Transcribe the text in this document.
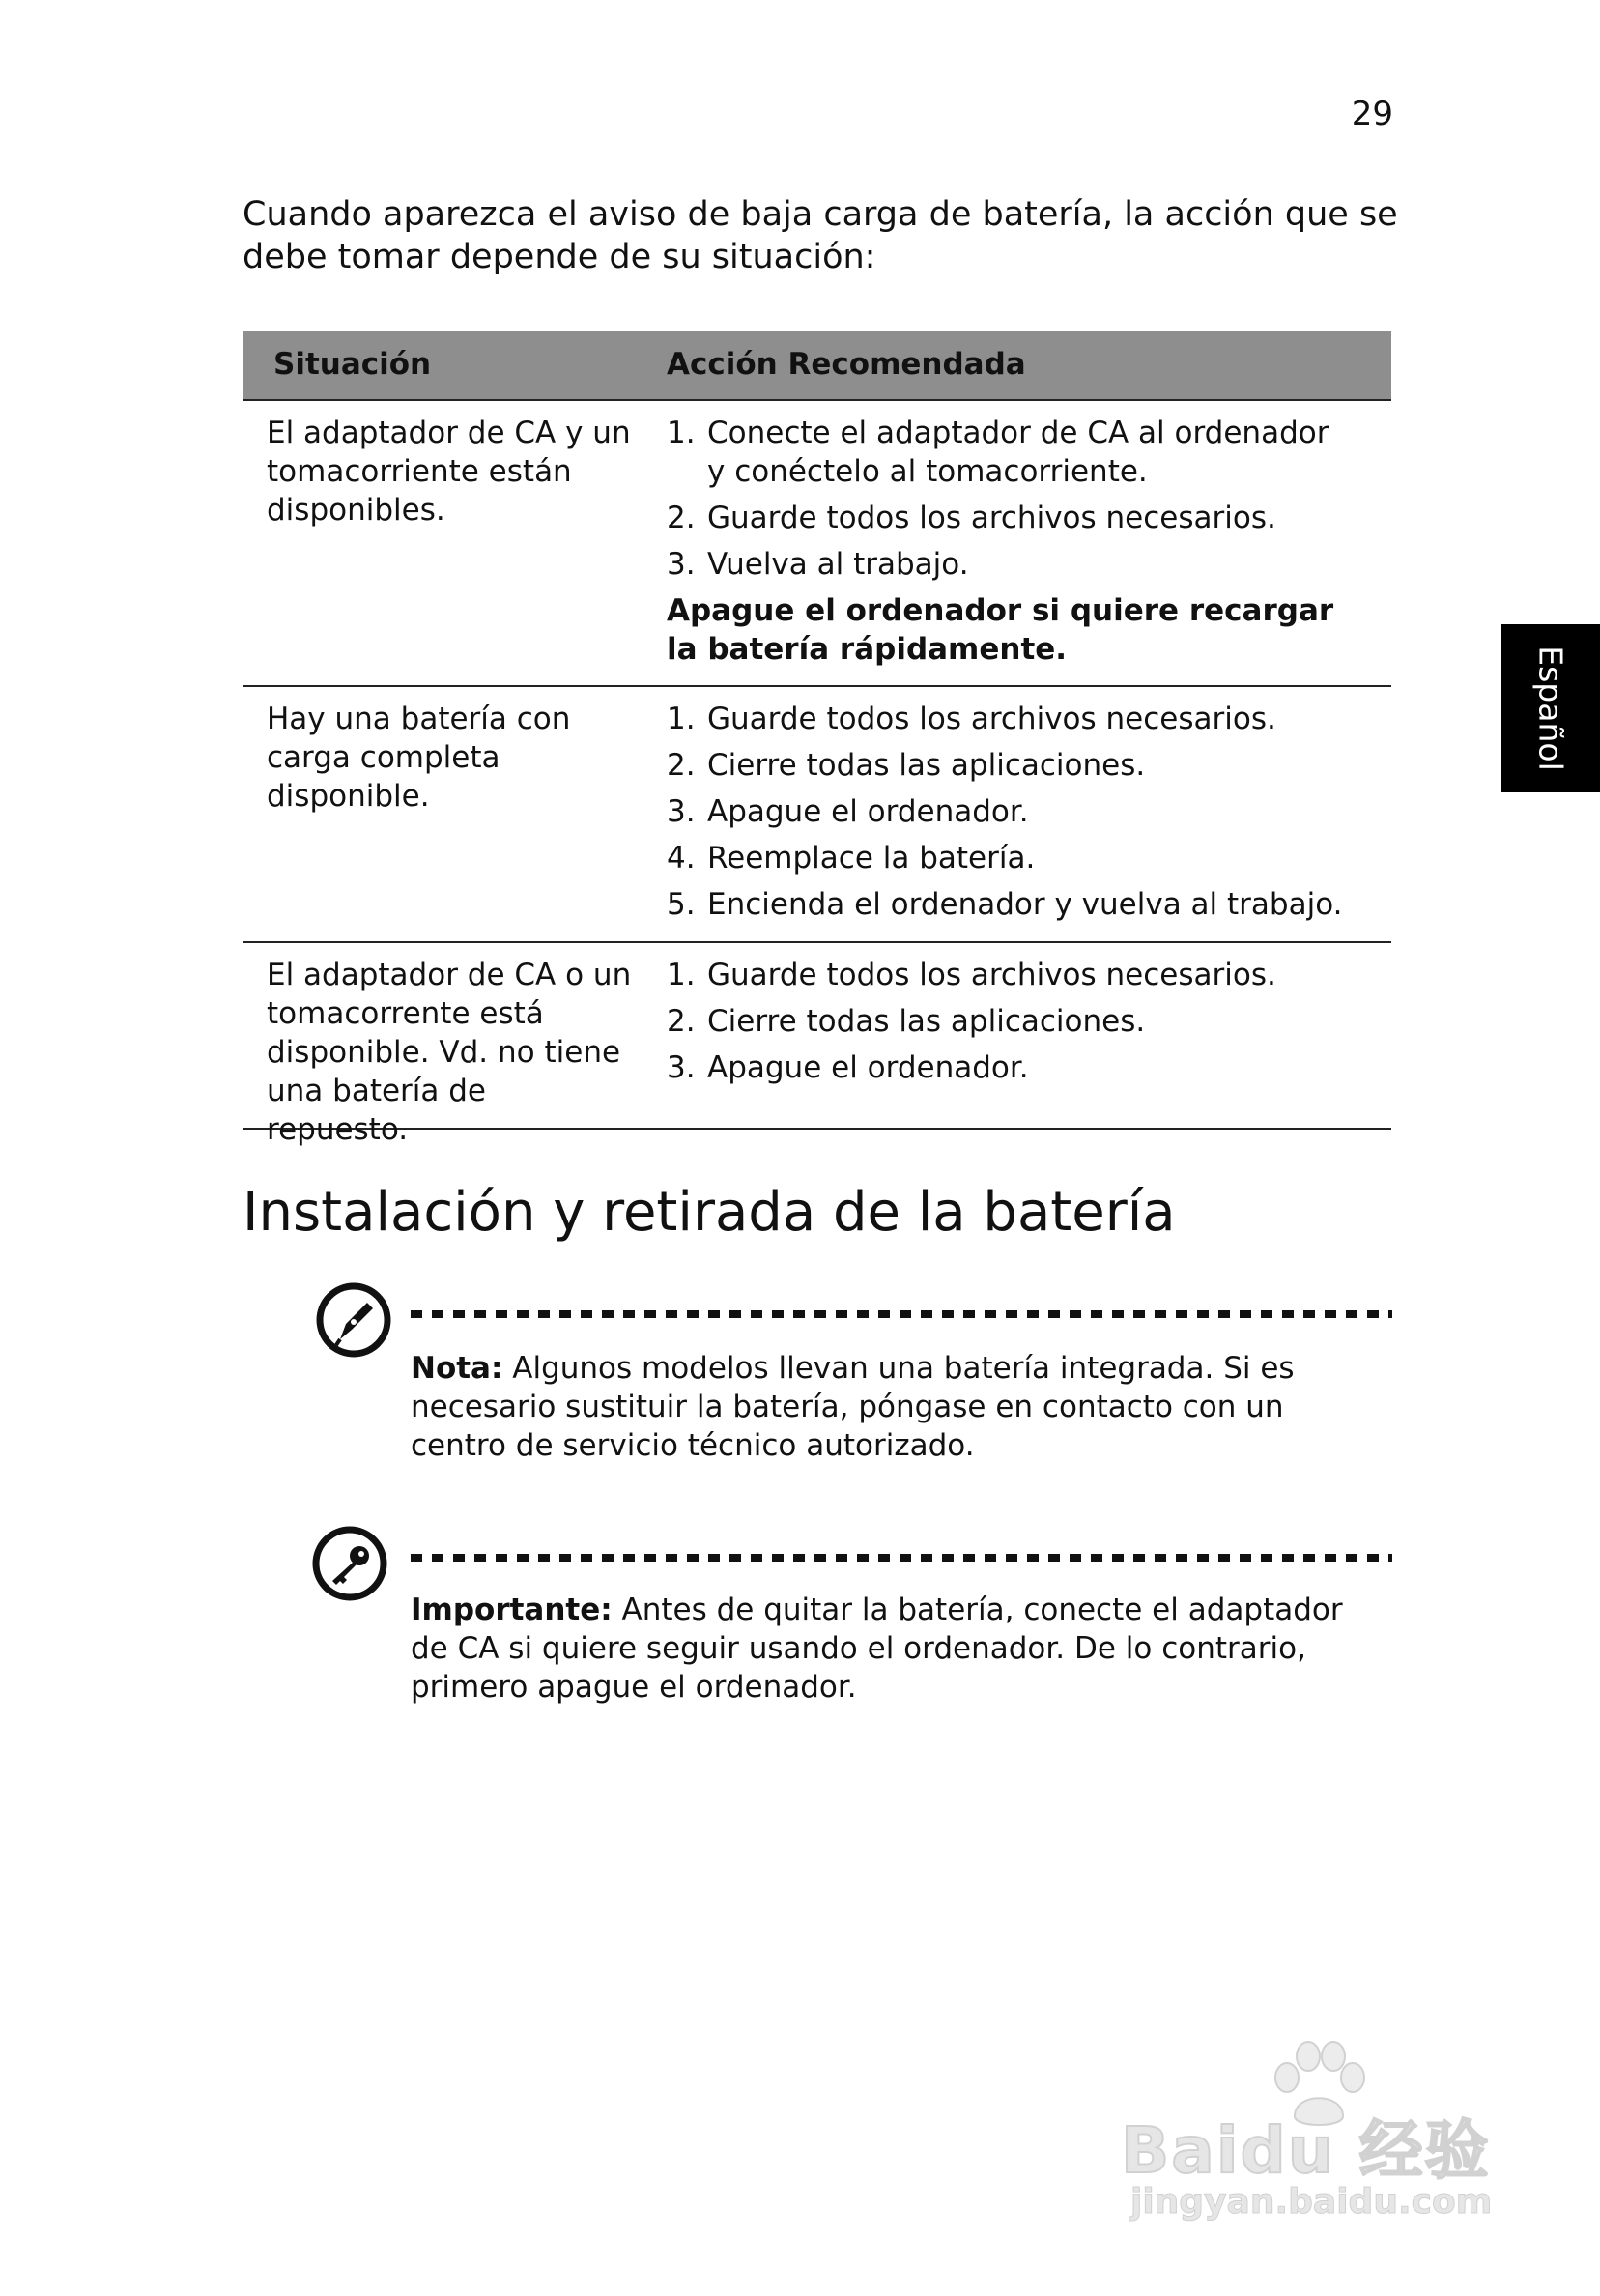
29
Cuando aparezca el aviso de baja carga de batería, la acción que se debe tomar depende de su situación:
Situación	Acción Recomendada
El adaptador de CA y un tomacorriente están disponibles.
1. Conecte el adaptador de CA al ordenador y conéctelo al tomacorriente.
2. Guarde todos los archivos necesarios.
3. Vuelva al trabajo.
Apague el ordenador si quiere recargar la batería rápidamente.
Hay una batería con carga completa disponible.
1. Guarde todos los archivos necesarios.
2. Cierre todas las aplicaciones.
3. Apague el ordenador.
4. Reemplace la batería.
5. Encienda el ordenador y vuelva al trabajo.
El adaptador de CA o un tomacorrente está disponible. Vd. no tiene una batería de repuesto.
1. Guarde todos los archivos necesarios.
2. Cierre todas las aplicaciones.
3. Apague el ordenador.
Instalación y retirada de la batería
Nota: Algunos modelos llevan una batería integrada. Si es necesario sustituir la batería, póngase en contacto con un centro de servicio técnico autorizado.
Importante: Antes de quitar la batería, conecte el adaptador de CA si quiere seguir usando el ordenador. De lo contrario, primero apague el ordenador.
Español
Baidu 经验
jingyan.baidu.com
